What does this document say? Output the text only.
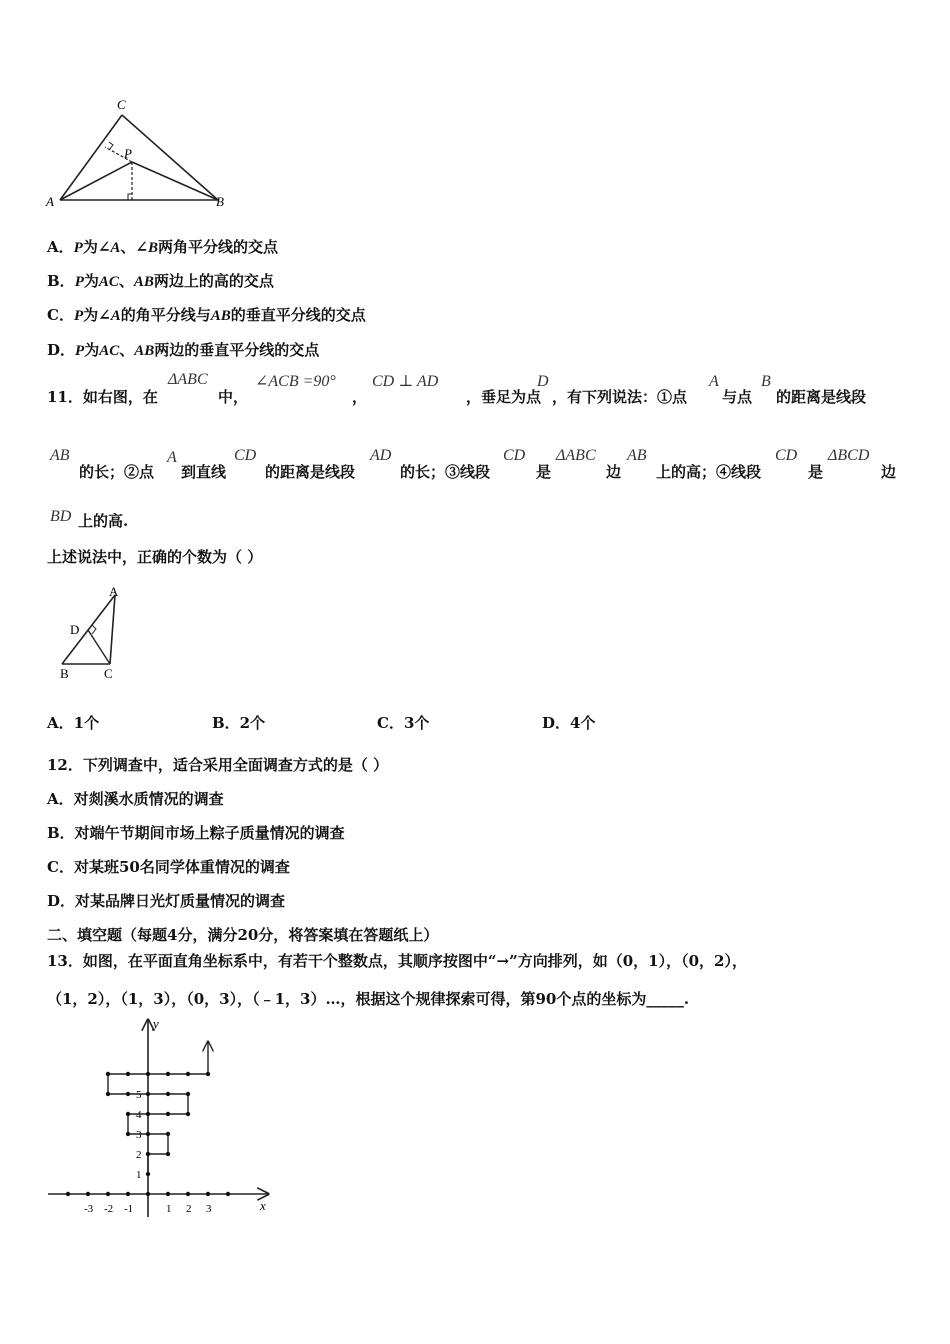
C
P
A	B
A．P为∠A、∠B两角平分线的交点
B．P为AC、AB两边上的高的交点
C．P为∠A的角平分线与AB的垂直平分线的交点
D．P为AC、AB两边的垂直平分线的交点
11．如右图，在
ΔABC
中，
∠ACB =90°
，
CD ⊥ AD
，垂足为点
D
，有下列说法：①点
A
与点
B
的距离是线段
AB
的长；②点
A
到直线
CD
的距离是线段
AD
的长；③线段
CD
是
ΔABC
边
AB
上的高；④线段
CD
是
ΔBCD
边
BD 上的高.
上述说法中，正确的个数为（ ）
A
D
B	C
A．1个	B．2个	C．3个	D．4个
12．下列调查中，适合采用全面调查方式的是（ ）
A．对剡溪水质情况的调查
B．对端午节期间市场上粽子质量情况的调查
C．对某班50名同学体重情况的调查
D．对某品牌日光灯质量情况的调查
二、填空题（每题4分，满分20分，将答案填在答题纸上）
13．如图，在平面直角坐标系中，有若干个整数点，其顺序按图中“→”方向排列，如（0，1），（0，2），
（1，2），（1，3），（0，3），（﹣1，3）…，根据这个规律探索可得，第90个点的坐标为_____.
x
y
-3 -2 -1	1 2 3
1
2
3
4
5
